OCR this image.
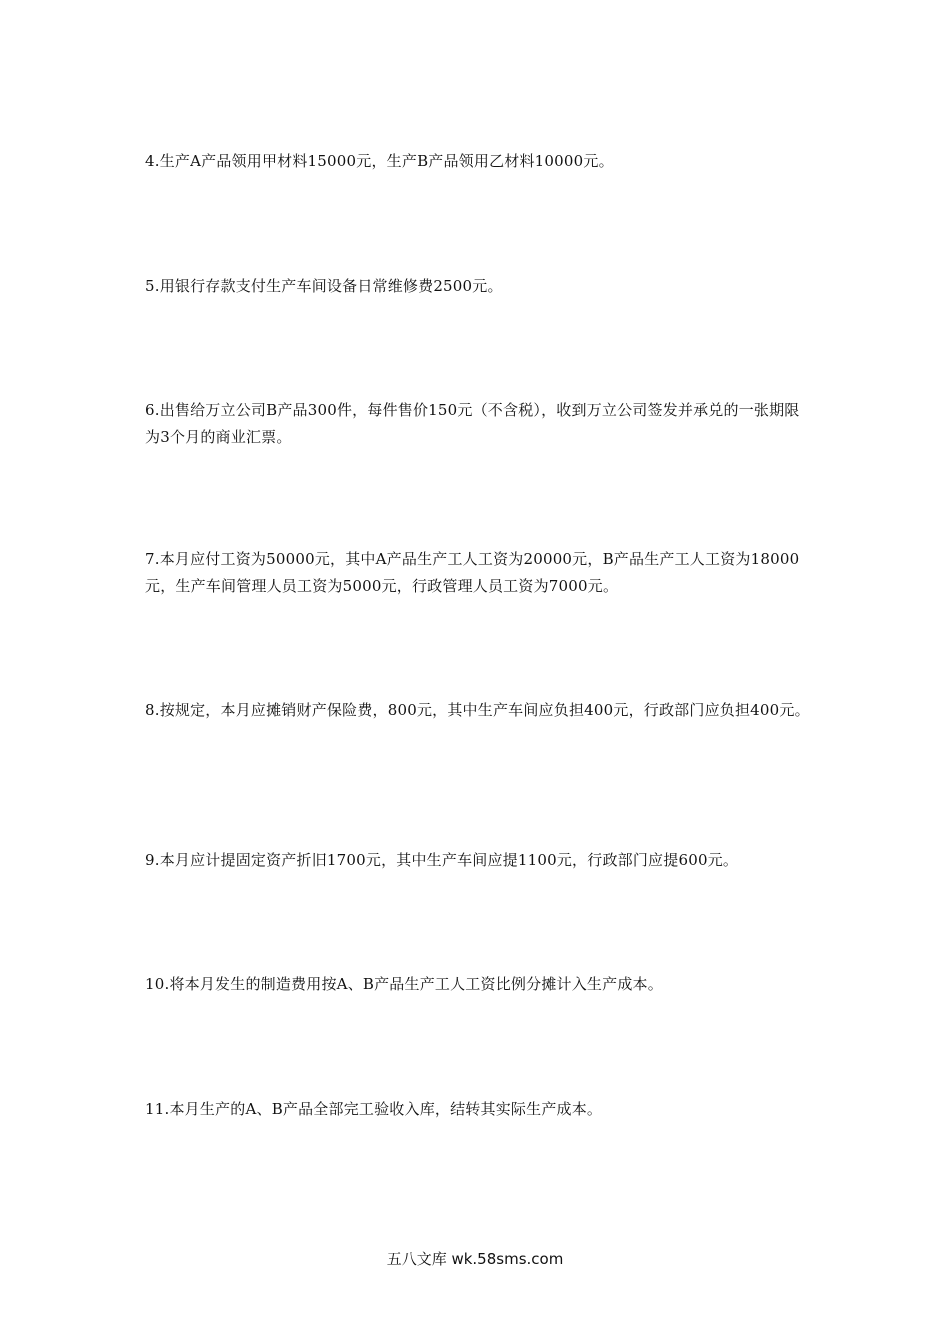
4.生产A产品领用甲材料15000元，生产B产品领用乙材料10000元。

5.用银行存款支付生产车间设备日常维修费2500元。

6.出售给万立公司B产品300件，每件售价150元（不含税），收到万立公司签发并承兑的一张期限为3个月的商业汇票。

7.本月应付工资为50000元，其中A产品生产工人工资为20000元，B产品生产工人工资为18000元，生产车间管理人员工资为5000元，行政管理人员工资为7000元。

8.按规定，本月应摊销财产保险费，800元，其中生产车间应负担400元，行政部门应负担400元。

9.本月应计提固定资产折旧1700元，其中生产车间应提1100元，行政部门应提600元。

10.将本月发生的制造费用按A、B产品生产工人工资比例分摊计入生产成本。

11.本月生产的A、B产品全部完工验收入库，结转其实际生产成本。

五八文库 wk.58sms.com
